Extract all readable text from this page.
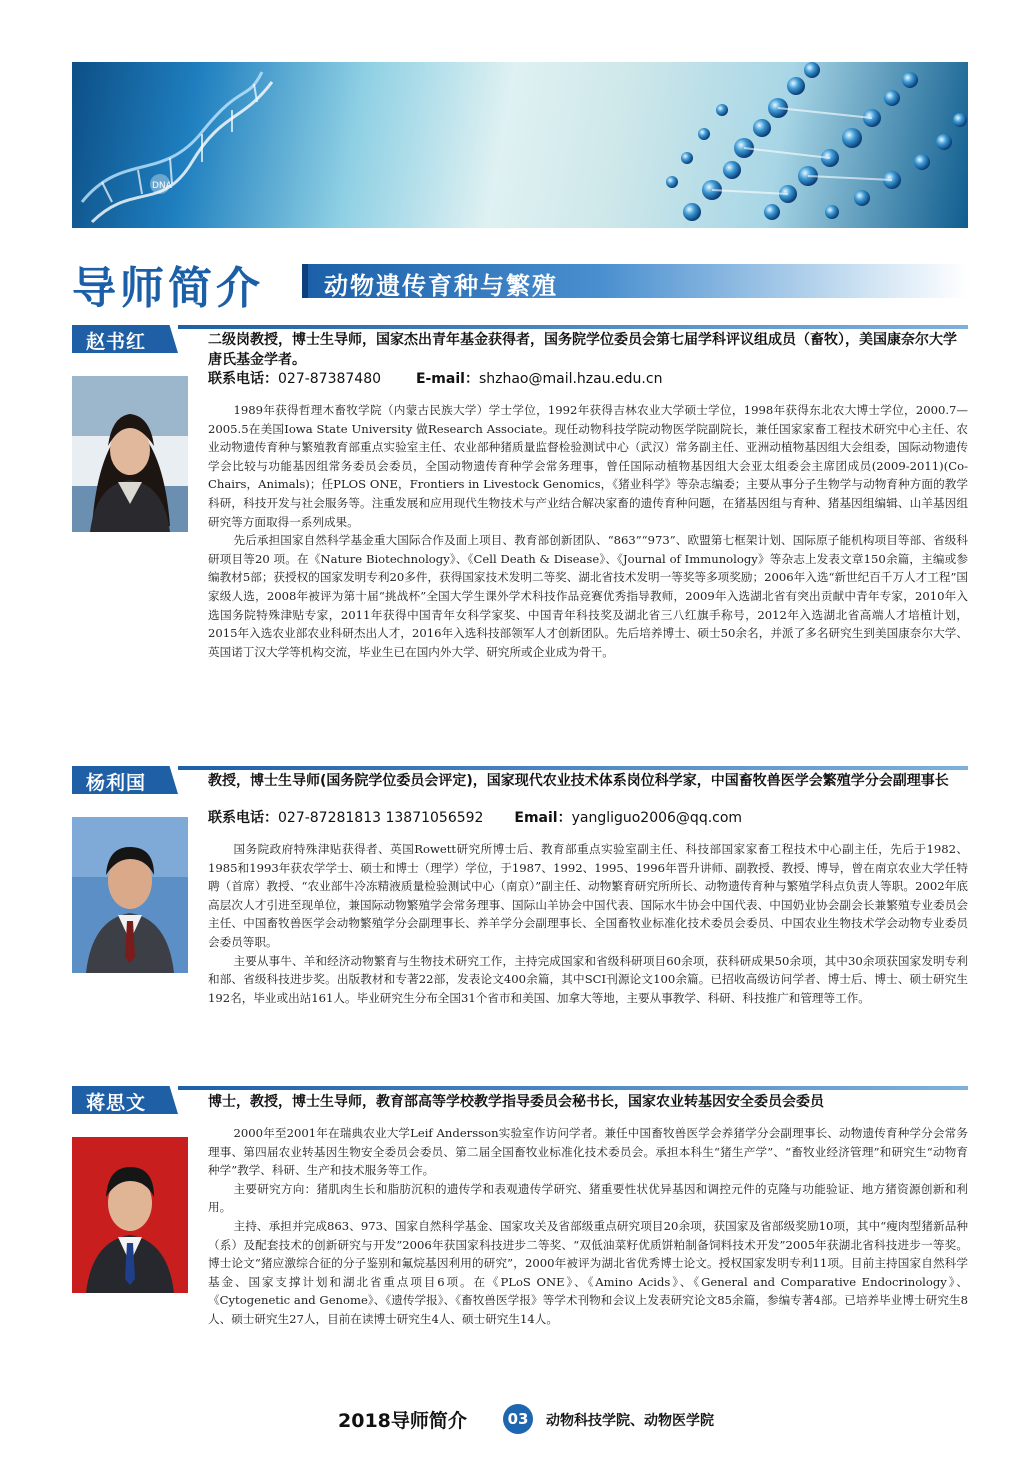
DNA
导师简介	动物遗传育种与繁殖
赵书红	二级岗教授，博士生导师，国家杰出青年基金获得者，国务院学位委员会第七届学科评议组成员（畜牧），美国康奈尔大学唐氏基金学者。
联系电话：027-87387480 E-mail：shzhao@mail.hzau.edu.cn

1989年获得哲理木畜牧学院（内蒙古民族大学）学士学位，1992年获得吉林农业大学硕士学位，1998年获得东北农大博士学位，2000.7—2005.5在美国Iowa State University 做Research Associate。现任动物科技学院动物医学院副院长，兼任国家家畜工程技术研究中心主任、农业动物遗传育种与繁殖教育部重点实验室主任、农业部种猪质量监督检验测试中心（武汉）常务副主任、亚洲动植物基因组大会组委，国际动物遗传学会比较与功能基因组常务委员会委员，全国动物遗传育种学会常务理事，曾任国际动植物基因组大会亚太组委会主席团成员(2009-2011)(Co-Chairs，Animals)；任PLOS ONE，Frontiers in Livestock Genomics，《猪业科学》等杂志编委；主要从事分子生物学与动物育种方面的教学科研，科技开发与社会服务等。注重发展和应用现代生物技术与产业结合解决家畜的遗传育种问题，在猪基因组与育种、猪基因组编辑、山羊基因组研究等方面取得一系列成果。

先后承担国家自然科学基金重大国际合作及面上项目、教育部创新团队、“863”“973”、欧盟第七框架计划、国际原子能机构项目等部、省级科研项目等20 项。在《Nature Biotechnology》、《Cell Death & Disease》、《Journal of Immunology》等杂志上发表文章150余篇，主编或参编教材5部；获授权的国家发明专利20多件，获得国家技术发明二等奖、湖北省技术发明一等奖等多项奖励；2006年入选“新世纪百千万人才工程”国家级人选，2008年被评为第十届“挑战杯”全国大学生课外学术科技作品竞赛优秀指导教师，2009年入选湖北省有突出贡献中青年专家，2010年入选国务院特殊津贴专家，2011年获得中国青年女科学家奖、中国青年科技奖及湖北省三八红旗手称号，2012年入选湖北省高端人才培植计划，2015年入选农业部农业科研杰出人才，2016年入选科技部领军人才创新团队。先后培养博士、硕士50余名，并派了多名研究生到美国康奈尔大学、英国诺丁汉大学等机构交流，毕业生已在国内外大学、研究所或企业成为骨干。

杨利国	教授，博士生导师(国务院学位委员会评定)，国家现代农业技术体系岗位科学家，中国畜牧兽医学会繁殖学分会副理事长
联系电话：027-87281813 13871056592 Email：yangliguo2006@qq.com

国务院政府特殊津贴获得者、英国Rowett研究所博士后、教育部重点实验室副主任、科技部国家家畜工程技术中心副主任，先后于1982、1985和1993年获农学学士、硕士和博士（理学）学位，于1987、1992、1995、1996年晋升讲师、副教授、教授、博导，曾在南京农业大学任特聘（首席）教授、“农业部牛冷冻精液质量检验测试中心（南京）”副主任、动物繁育研究所所长、动物遗传育种与繁殖学科点负责人等职。2002年底高层次人才引进至现单位，兼国际动物繁殖学会常务理事、国际山羊协会中国代表、国际水牛协会中国代表、中国奶业协会副会长兼繁殖专业委员会主任、中国畜牧兽医学会动物繁殖学分会副理事长、养羊学分会副理事长、全国畜牧业标准化技术委员会委员、中国农业生物技术学会动物专业委员会委员等职。

主要从事牛、羊和经济动物繁育与生物技术研究工作，主持完成国家和省级科研项目60余项，获科研成果50余项，其中30余项获国家发明专利和部、省级科技进步奖。出版教材和专著22部，发表论文400余篇，其中SCI刊源论文100余篇。已招收高级访问学者、博士后、博士、硕士研究生192名，毕业或出站161人。毕业研究生分布全国31个省市和美国、加拿大等地，主要从事教学、科研、科技推广和管理等工作。

蒋思文	博士，教授，博士生导师，教育部高等学校教学指导委员会秘书长，国家农业转基因安全委员会委员

2000年至2001年在瑞典农业大学Leif Andersson实验室作访问学者。兼任中国畜牧兽医学会养猪学分会副理事长、动物遗传育种学分会常务理事、第四届农业转基因生物安全委员会委员、第二届全国畜牧业标准化技术委员会。承担本科生“猪生产学”、“畜牧业经济管理”和研究生“动物育种学”教学、科研、生产和技术服务等工作。

主要研究方向：猪肌肉生长和脂肪沉积的遗传学和表观遗传学研究、猪重要性状优异基因和调控元件的克隆与功能验证、地方猪资源创新和利用。

主持、承担并完成863、973、国家自然科学基金、国家攻关及省部级重点研究项目20余项，获国家及省部级奖励10项，其中“瘦肉型猪新品种（系）及配套技术的创新研究与开发”2006年获国家科技进步二等奖、“双低油菜籽优质饼粕制备饲料技术开发”2005年获湖北省科技进步一等奖。博士论文“猪应激综合征的分子鉴别和氟烷基因利用的研究”，2000年被评为湖北省优秀博士论文。授权国家发明专利11项。目前主持国家自然科学基金、国家支撑计划和湖北省重点项目6项。在《PLoS ONE》、《Amino Acids》、《General and Comparative Endocrinology》、《Cytogenetic and Genome》、《遗传学报》、《畜牧兽医学报》等学术刊物和会议上发表研究论文85余篇，参编专著4部。已培养毕业博士研究生8人、硕士研究生27人，目前在读博士研究生4人、硕士研究生14人。

2018导师简介	03	动物科技学院、动物医学院
